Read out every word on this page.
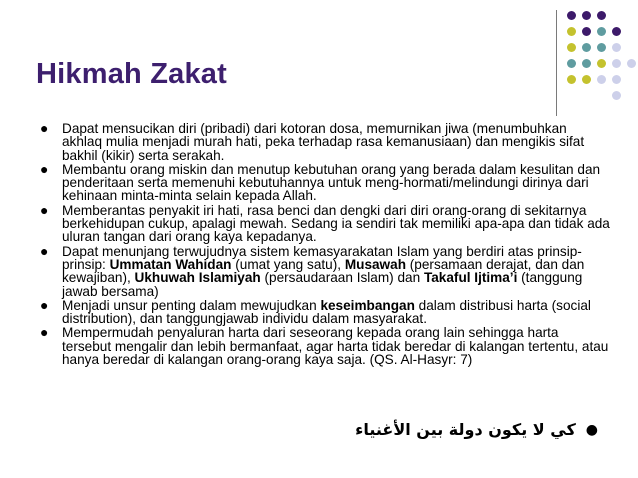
Hikmah Zakat
● Dapat mensucikan diri (pribadi) dari kotoran dosa, memurnikan jiwa (menumbuhkan akhlaq mulia menjadi murah hati, peka terhadap rasa kemanusiaan) dan mengikis sifat bakhil (kikir) serta serakah.
● Membantu orang miskin dan menutup kebutuhan orang yang berada dalam kesulitan dan penderitaan serta memenuhi kebutuhannya untuk meng-hormati/melindungi dirinya dari kehinaan minta-minta selain kepada Allah.
● Memberantas penyakit iri hati, rasa benci dan dengki dari diri orang-orang di sekitarnya berkehidupan cukup, apalagi mewah. Sedang ia sendiri tak memiliki apa-apa dan tidak ada uluran tangan dari orang kaya kepadanya.
● Dapat menunjang terwujudnya sistem kemasyarakatan Islam yang berdiri atas prinsip-prinsip: Ummatan Wahidan (umat yang satu), Musawah (persamaan derajat, dan dan kewajiban), Ukhuwah Islamiyah (persaudaraan Islam) dan Takaful Ijtima’i (tanggung jawab bersama)
● Menjadi unsur penting dalam mewujudkan keseimbangan dalam distribusi harta (social distribution), dan tanggungjawab individu dalam masyarakat.
● Mempermudah penyaluran harta dari seseorang kepada orang lain sehingga harta tersebut mengalir dan lebih bermanfaat, agar harta tidak beredar di kalangan tertentu, atau hanya beredar di kalangan orang-orang kaya saja. (QS. Al-Hasyr: 7)
●
كي لا يكون دولة بين الأغنياء
